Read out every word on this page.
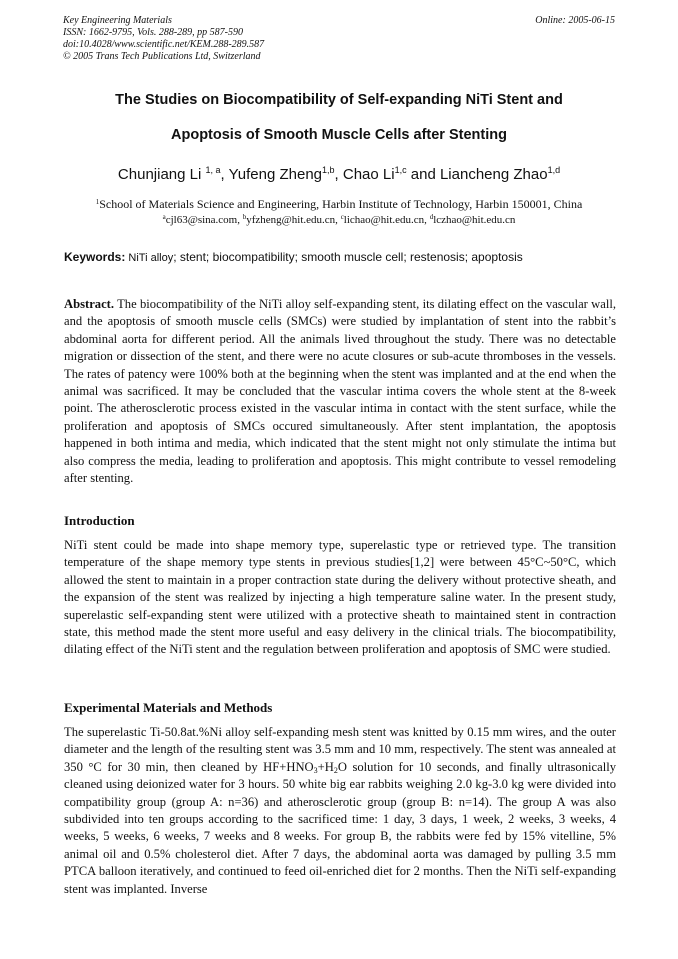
Key Engineering Materials
ISSN: 1662-9795, Vols. 288-289, pp 587-590
doi:10.4028/www.scientific.net/KEM.288-289.587
© 2005 Trans Tech Publications Ltd, Switzerland
Online: 2005-06-15
The Studies on Biocompatibility of Self-expanding NiTi Stent and
Apoptosis of Smooth Muscle Cells after Stenting
Chunjiang Li $^{1, a}$, Yufeng Zheng$^{1,b}$, Chao Li$^{1,c}$ and Liancheng Zhao$^{1,d}$
$^1$School of Materials Science and Engineering, Harbin Institute of Technology, Harbin 150001, China
$^a$cjl63@sina.com, $^b$yfzheng@hit.edu.cn, $^c$lichao@hit.edu.cn, $^d$lczhao@hit.edu.cn
Keywords: NiTi alloy; stent; biocompatibility; smooth muscle cell; restenosis; apoptosis
Abstract. The biocompatibility of the NiTi alloy self-expanding stent, its dilating effect on the vascular wall, and the apoptosis of smooth muscle cells (SMCs) were studied by implantation of stent into the rabbit’s abdominal aorta for different period. All the animals lived throughout the study. There was no detectable migration or dissection of the stent, and there were no acute closures or sub-acute thromboses in the vessels. The rates of patency were 100% both at the beginning when the stent was implanted and at the end when the animal was sacrificed. It may be concluded that the vascular intima covers the whole stent at the 8-week point. The atherosclerotic process existed in the vascular intima in contact with the stent surface, while the proliferation and apoptosis of SMCs occured simultaneously. After stent implantation, the apoptosis happened in both intima and media, which indicated that the stent might not only stimulate the intima but also compress the media, leading to proliferation and apoptosis. This might contribute to vessel remodeling after stenting.
Introduction
NiTi stent could be made into shape memory type, superelastic type or retrieved type. The transition temperature of the shape memory type stents in previous studies[1,2] were between 45°C~50°C, which allowed the stent to maintain in a proper contraction state during the delivery without protective sheath, and the expansion of the stent was realized by injecting a high temperature saline water. In the present study, superelastic self-expanding stent were utilized with a protective sheath to maintained stent in contraction state, this method made the stent more useful and easy delivery in the clinical trials. The biocompatibility, dilating effect of the NiTi stent and the regulation between proliferation and apoptosis of SMC were studied.
Experimental Materials and Methods
The superelastic Ti-50.8at.%Ni alloy self-expanding mesh stent was knitted by 0.15 mm wires, and the outer diameter and the length of the resulting stent was 3.5 mm and 10 mm, respectively. The stent was annealed at 350 °C for 30 min, then cleaned by $HF+HNO_3+H_2O$ solution for 10 seconds, and finally ultrasonically cleaned using deionized water for 3 hours. 50 white big ear rabbits weighing 2.0 kg-3.0 kg were divided into compatibility group (group A: n=36) and atherosclerotic group (group B: n=14). The group A was also subdivided into ten groups according to the sacrificed time: 1 day, 3 days, 1 week, 2 weeks, 3 weeks, 4 weeks, 5 weeks, 6 weeks, 7 weeks and 8 weeks. For group B, the rabbits were fed by 15% vitelline, 5% animal oil and 0.5% cholesterol diet. After 7 days, the abdominal aorta was damaged by pulling 3.5 mm PTCA balloon iteratively, and continued to feed oil-enriched diet for 2 months. Then the NiTi self-expanding stent was implanted. Inverse
